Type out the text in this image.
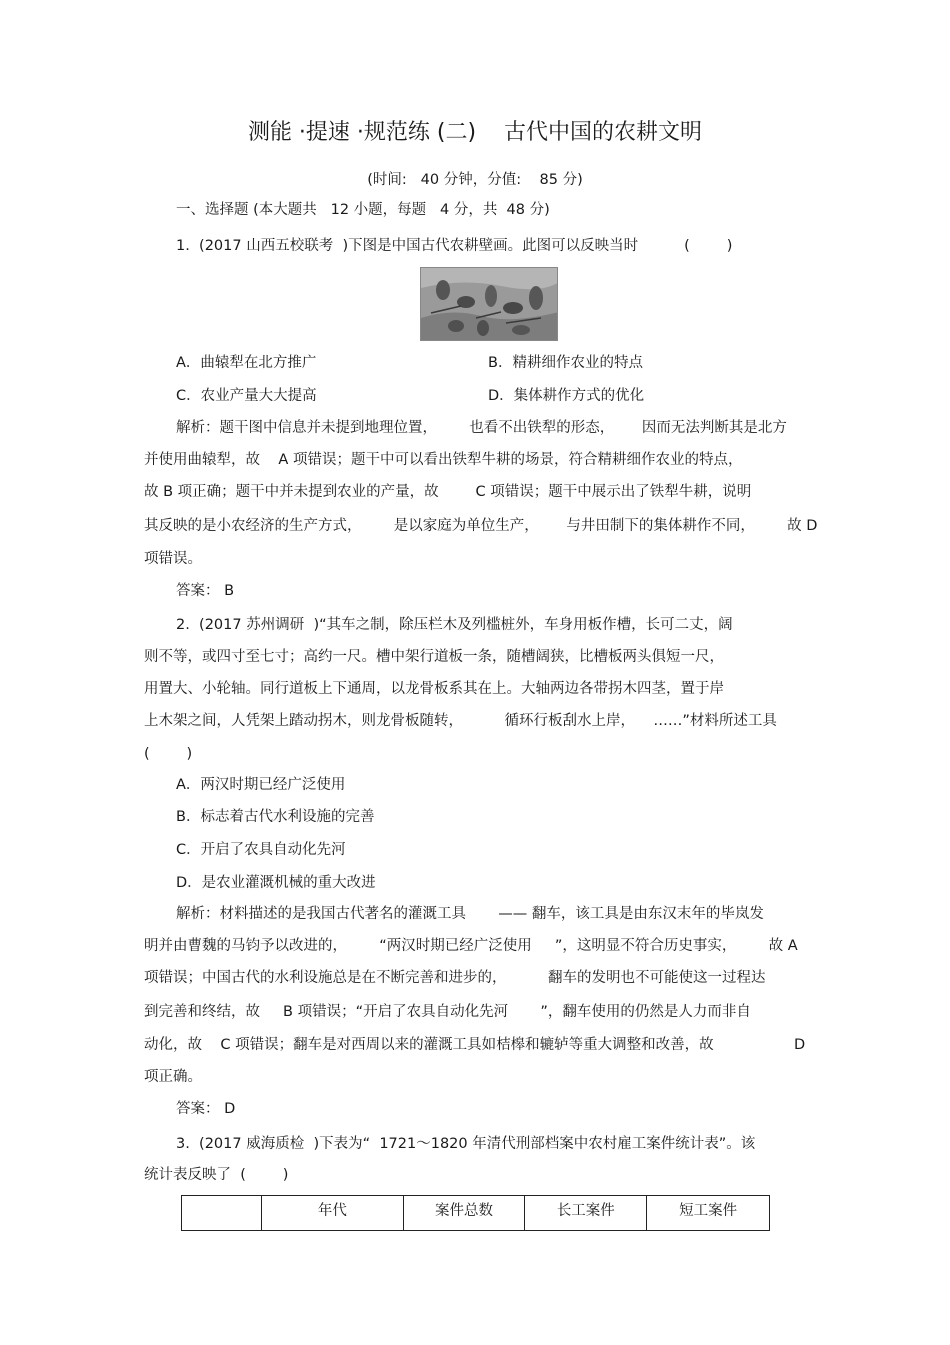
测能 ·提速 ·规范练 (二)    古代中国的农耕文明
(时间:   40 分钟，分值:    85 分)
一、选择题 (本大题共   12 小题，每题   4 分，共  48 分)
1.  (2017 山西五校联考  )下图是中国古代农耕壁画。此图可以反映当时          (        )
A．曲辕犁在北方推广	B．精耕细作农业的特点
C．农业产量大大提高	D．集体耕作方式的优化
解析：题干图中信息并未提到地理位置，       也看不出铁犁的形态，      因而无法判断其是北方
并使用曲辕犁，故    A 项错误；题干中可以看出铁犁牛耕的场景，符合精耕细作农业的特点，
故 B 项正确；题干中并未提到农业的产量，故        C 项错误；题干中展示出了铁犁牛耕，说明
其反映的是小农经济的生产方式，       是以家庭为单位生产，      与井田制下的集体耕作不同，       故 D
项错误。
答案： B
2.  (2017 苏州调研  )“其车之制，除压栏木及列槛桩外，车身用板作槽，长可二丈，阔
则不等，或四寸至七寸；高约一尺。槽中架行道板一条，随槽阔狭，比槽板两头俱短一尺，
用置大、小轮轴。同行道板上下通周，以龙骨板系其在上。大轴两边各带拐木四茎，置于岸
上木架之间，人凭架上踏动拐木，则龙骨板随转，         循环行板刮水上岸，    ……”材料所述工具
(        )
A．两汉时期已经广泛使用
B．标志着古代水利设施的完善
C．开启了农具自动化先河
D．是农业灌溉机械的重大改进
解析：材料描述的是我国古代著名的灌溉工具       —— 翻车，该工具是由东汉末年的毕岚发
明并由曹魏的马钧予以改进的，       “两汉时期已经广泛使用     ”，这明显不符合历史事实，       故 A
项错误；中国古代的水利设施总是在不断完善和进步的，         翻车的发明也不可能使这一过程达
到完善和终结，故     B 项错误；“开启了农具自动化先河       ”，翻车使用的仍然是人力而非自
动化，故    C 项错误；翻车是对西周以来的灌溉工具如桔槔和辘轳等重大调整和改善，故	D
项正确。
答案： D
3.  (2017 威海质检  )下表为“  1721～1820 年清代刑部档案中农村雇工案件统计表”。该
统计表反映了  (        )
	年代	案件总数	长工案件	短工案件
